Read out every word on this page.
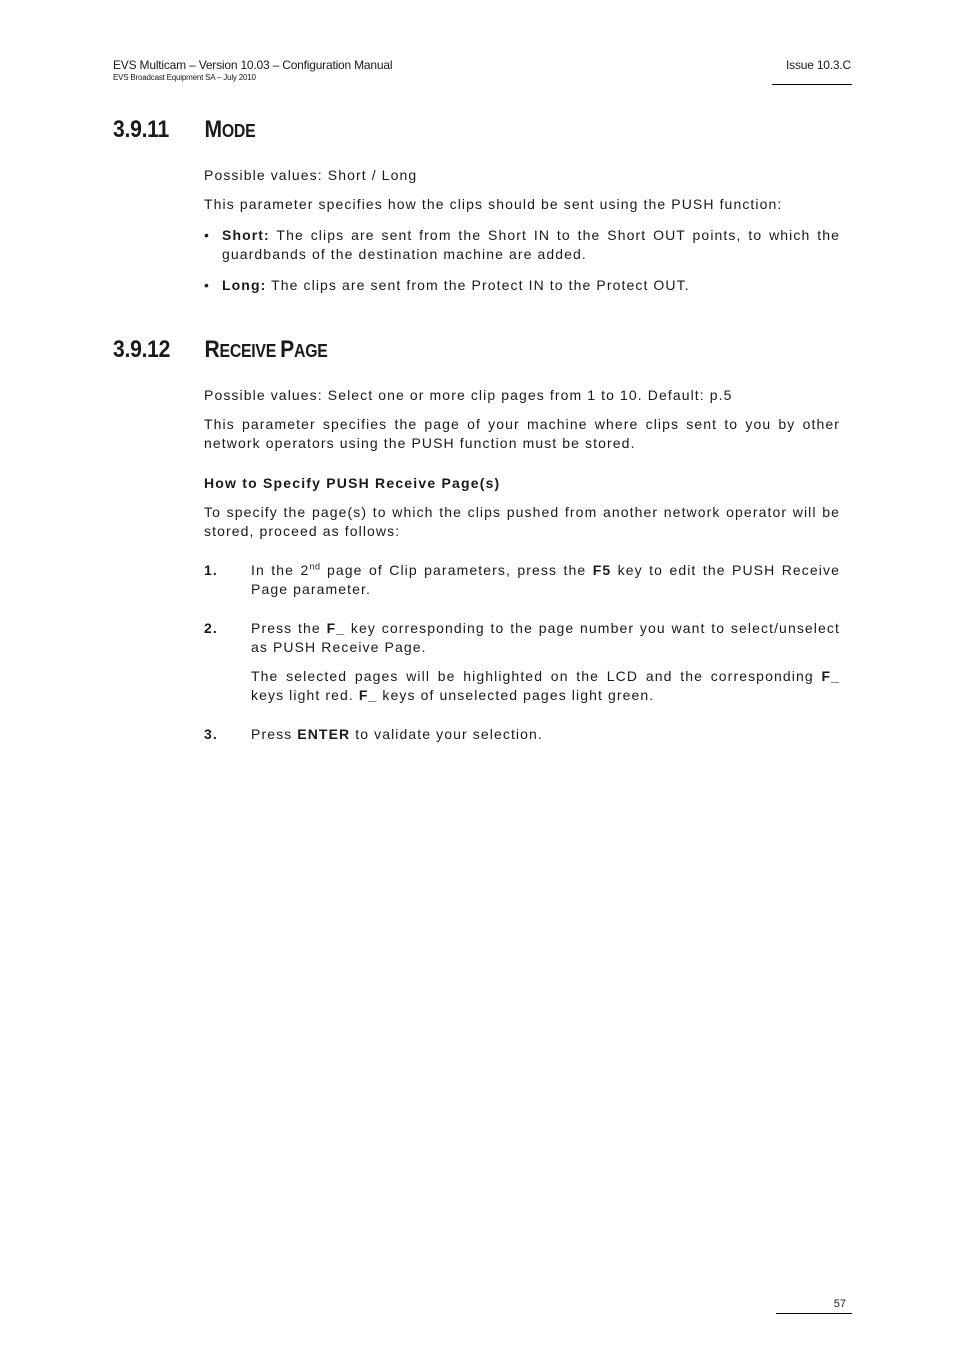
EVS Multicam – Version 10.03 – Configuration Manual
EVS Broadcast Equipment SA – July 2010
Issue 10.3.C
3.9.11 MODE
Possible values: Short / Long
This parameter specifies how the clips should be sent using the PUSH function:
• Short: The clips are sent from the Short IN to the Short OUT points, to which the guardbands of the destination machine are added.
• Long: The clips are sent from the Protect IN to the Protect OUT.
3.9.12 RECEIVE PAGE
Possible values: Select one or more clip pages from 1 to 10. Default: p.5
This parameter specifies the page of your machine where clips sent to you by other network operators using the PUSH function must be stored.
How to Specify PUSH Receive Page(s)
To specify the page(s) to which the clips pushed from another network operator will be stored, proceed as follows:
1. In the 2nd page of Clip parameters, press the F5 key to edit the PUSH Receive Page parameter.
2. Press the F_ key corresponding to the page number you want to select/unselect as PUSH Receive Page.
The selected pages will be highlighted on the LCD and the corresponding F_ keys light red. F_ keys of unselected pages light green.
3. Press ENTER to validate your selection.
57
